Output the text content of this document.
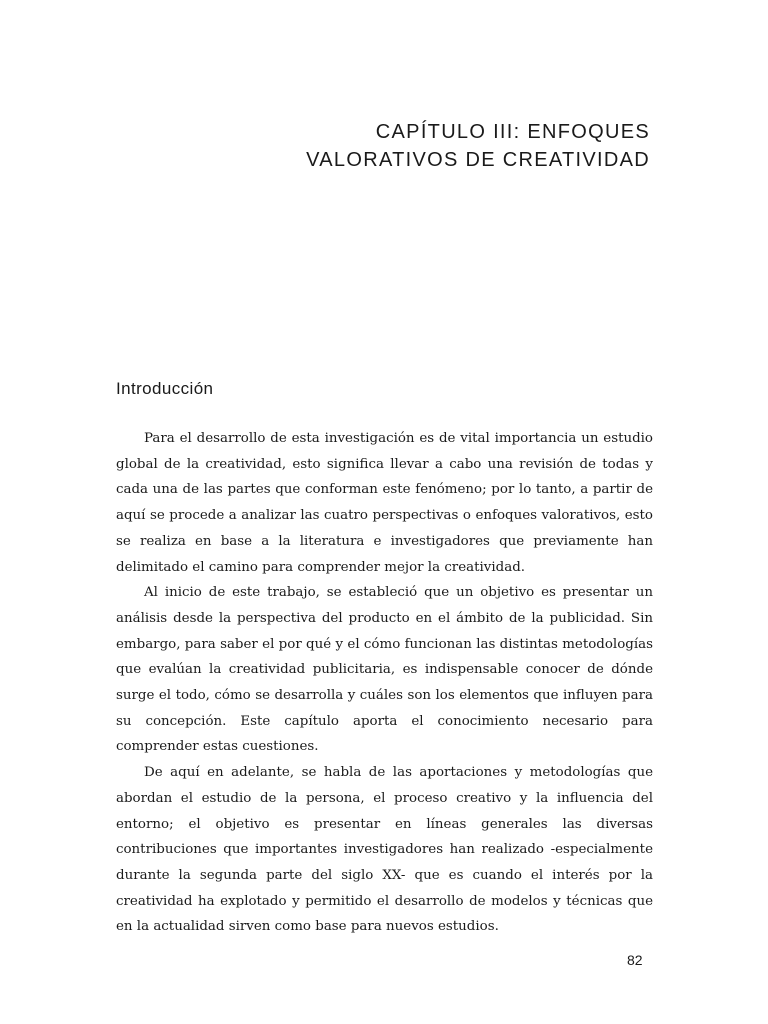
CAPÍTULO III: ENFOQUES
VALORATIVOS DE CREATIVIDAD
Introducción

Para el desarrollo de esta investigación es de vital importancia un estudio global de la creatividad, esto significa llevar a cabo una revisión de todas y cada una de las partes que conforman este fenómeno; por lo tanto, a partir de aquí se procede a analizar las cuatro perspectivas o enfoques valorativos, esto se realiza en base a la literatura e investigadores que previamente han delimitado el camino para comprender mejor la creatividad.

Al inicio de este trabajo, se estableció que un objetivo es presentar un análisis desde la perspectiva del producto en el ámbito de la publicidad. Sin embargo, para saber el por qué y el cómo funcionan las distintas metodologías que evalúan la creatividad publicitaria, es indispensable conocer de dónde surge el todo, cómo se desarrolla y cuáles son los elementos que influyen para su concepción. Este capítulo aporta el conocimiento necesario para comprender estas cuestiones.

De aquí en adelante, se habla de las aportaciones y metodologías que abordan el estudio de la persona, el proceso creativo y la influencia del entorno; el objetivo es presentar en líneas generales las diversas contribuciones que importantes investigadores han realizado -especialmente durante la segunda parte del siglo XX- que es cuando el interés por la creatividad ha explotado y permitido el desarrollo de modelos y técnicas que en la actualidad sirven como base para nuevos estudios.

82
